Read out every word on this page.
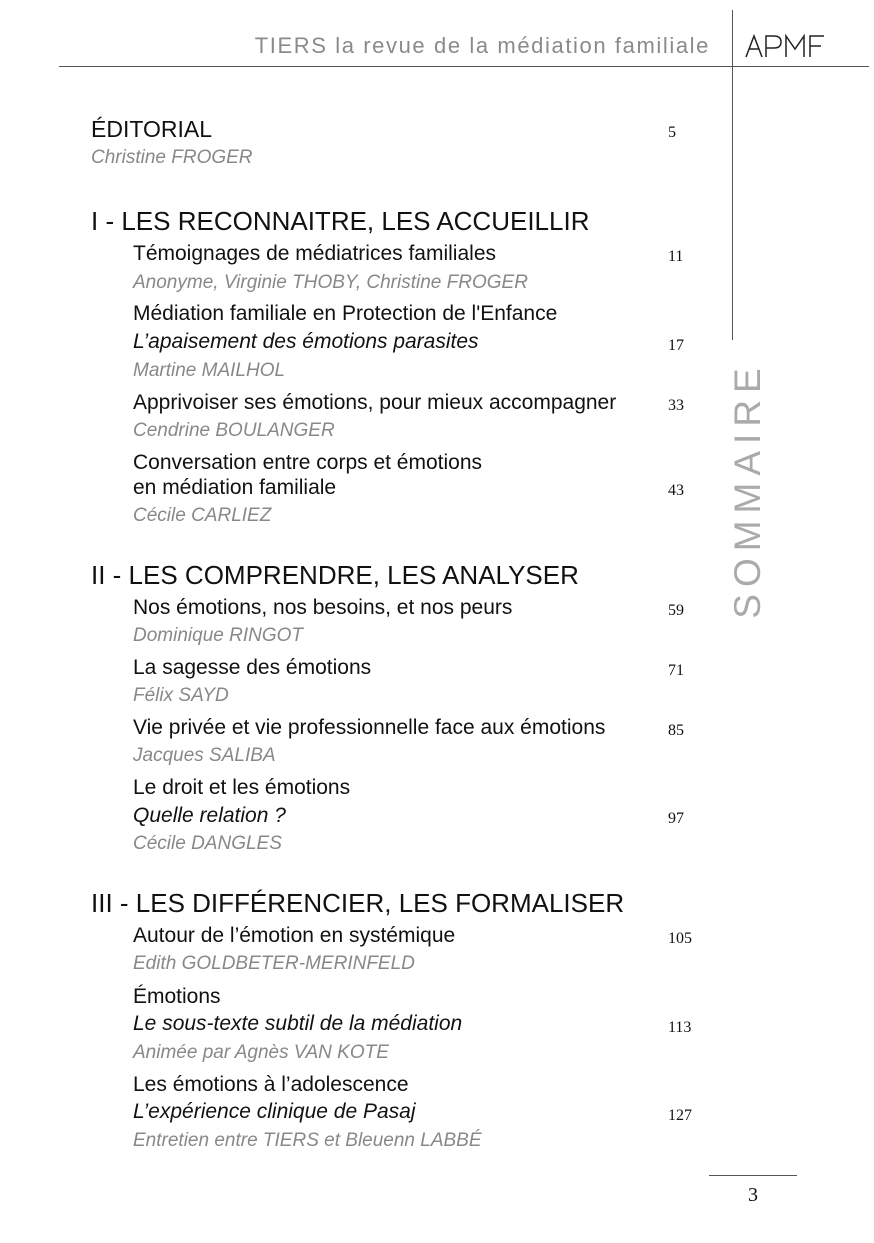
TIERS la revue de la médiation familiale
SOMMAIRE
ÉDITORIAL	5
Christine FROGER
I - LES RECONNAITRE, LES ACCUEILLIR
Témoignages de médiatrices familiales	11
Anonyme, Virginie THOBY, Christine FROGER
Médiation familiale en Protection de l'Enfance
L’apaisement des émotions parasites	17
Martine MAILHOL
Apprivoiser ses émotions, pour mieux accompagner	33
Cendrine BOULANGER
Conversation entre corps et émotions
en médiation familiale	43
Cécile CARLIEZ
II - LES COMPRENDRE, LES ANALYSER
Nos émotions, nos besoins, et nos peurs	59
Dominique RINGOT
La sagesse des émotions	71
Félix SAYD
Vie privée et vie professionnelle face aux émotions	85
Jacques SALIBA
Le droit et les émotions
Quelle relation ?	97
Cécile DANGLES
III - LES DIFFÉRENCIER, LES FORMALISER
Autour de l’émotion en systémique	105
Edith GOLDBETER-MERINFELD
Émotions
Le sous-texte subtil de la médiation	113
Animée par Agnès VAN KOTE
Les émotions à l’adolescence
L’expérience clinique de Pasaj	127
Entretien entre TIERS et Bleuenn LABBÉ
3
